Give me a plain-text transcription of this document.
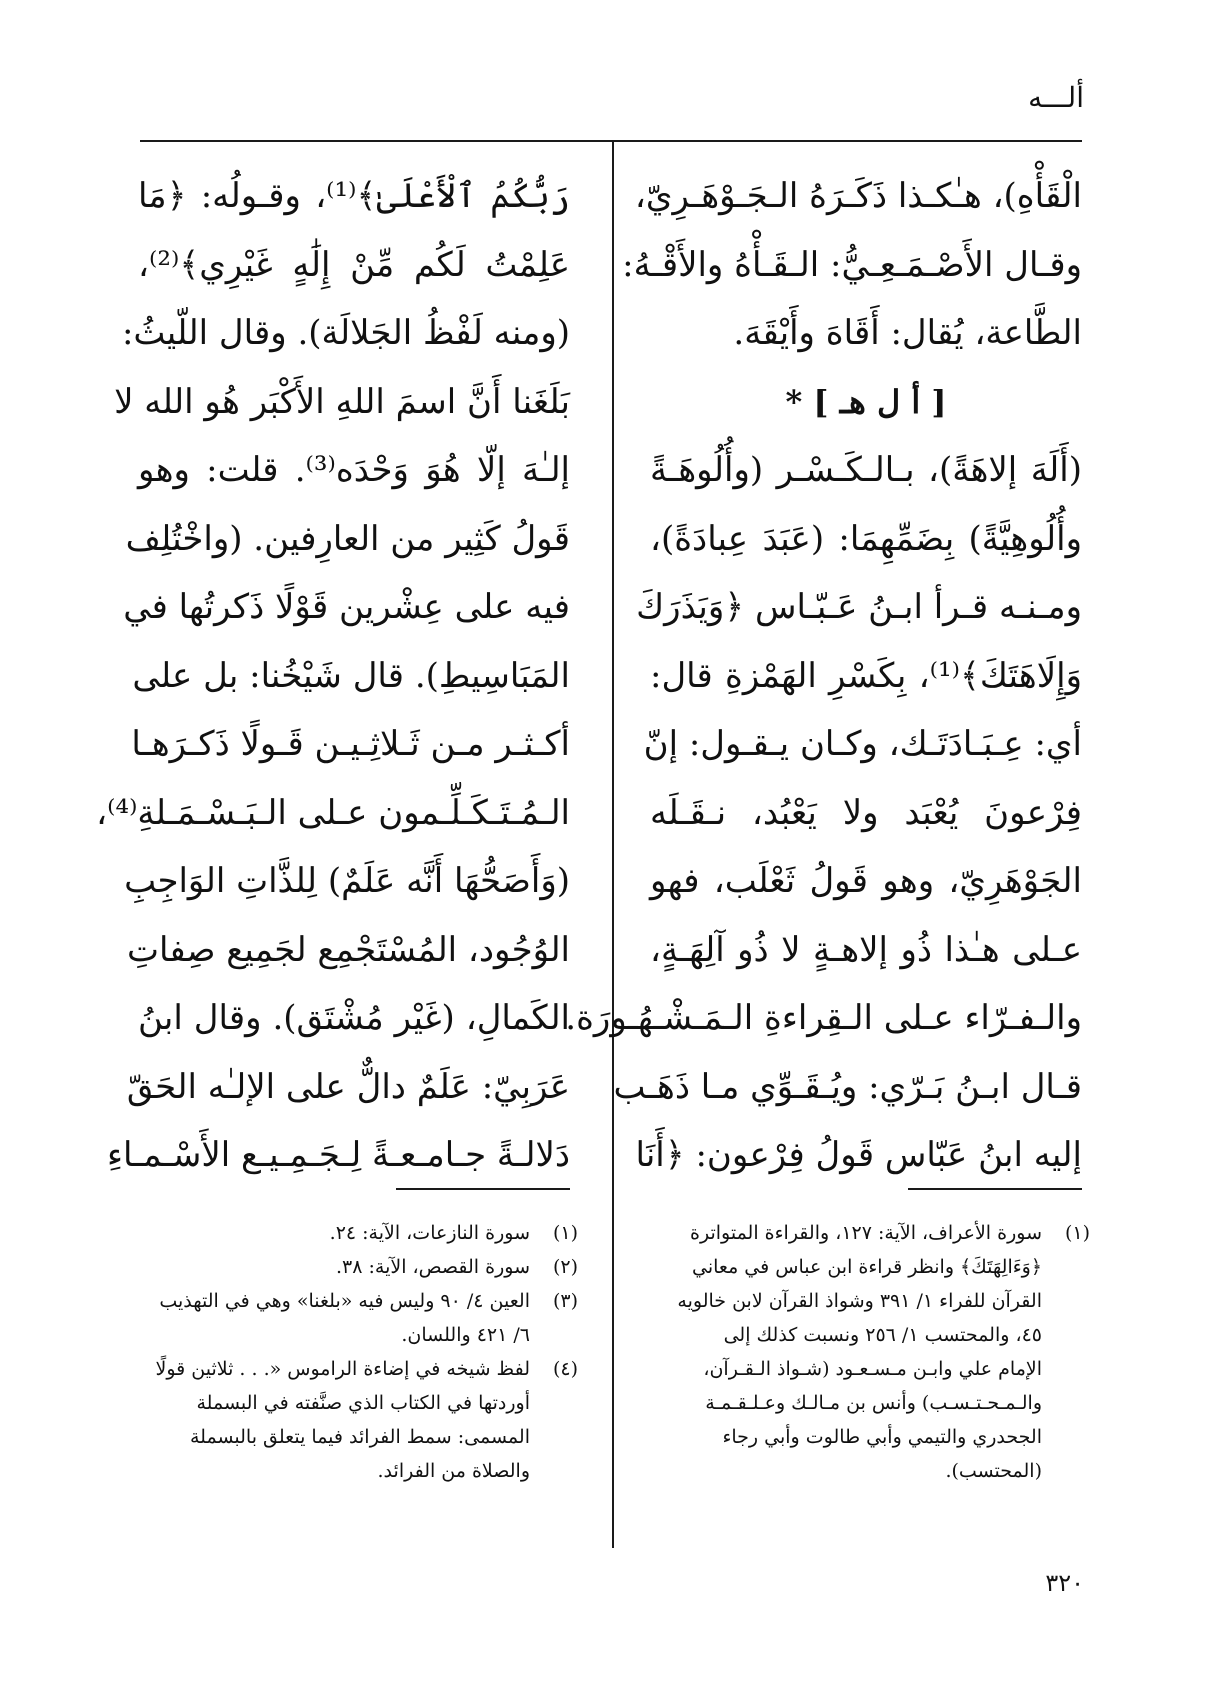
ألـــه
الْقَأْهِ)، هـٰكـذا ذَكَـرَهُ الـجَـوْهَـرِيّ،
وقـال الأَصْـمَـعِـيُّ: الـقَـأْهُ والأَقْـهُ:
الطَّاعة، يُقال: أَقَاهَ وأَيْقَهَ.
[ أ ل هـ ] *
(أَلَهَ إلاهَةً)، بـالـكَـسْـر (وأُلُوهَـةً
وأُلُوهِيَّةً) بِضَمِّهِمَا: (عَبَدَ عِبادَةً)،
ومـنـه قـرأ ابـنُ عَـبّـاس ﴿وَيَذَرَكَ
وَإِلَاهَتَكَ﴾⁽¹⁾، بِكَسْرِ الهَمْزةِ قال:
أي: عِـبَـادَتَـك، وكـان يـقـول: إنّ
فِرْعونَ يُعْبَد ولا يَعْبُد، نـقَـلَه
الجَوْهَرِيّ، وهو قَولُ ثَعْلَب، فهو
عـلى هـٰذا ذُو إلاهـةٍ لا ذُو آلِهَـةٍ،
والـفـرّاء عـلى الـقِراءةِ الـمَـشْـهُـورَة.
قـال ابـنُ بَـرّي: ويُـقَـوِّي مـا ذَهَـب
إليه ابنُ عَبّاس قَولُ فِرْعون: ﴿أَنَا
رَبُّكُمُ ٱلْأَعْلَىٰ﴾⁽¹⁾، وقـولُه: ﴿مَا
عَلِمْتُ لَكُم مِّنْ إِلَٰهٍ غَيْرِي﴾⁽²⁾،
(ومنه لَفْظُ الجَلالَة). وقال اللّيثُ:
بَلَغَنا أَنَّ اسمَ اللهِ الأَكْبَر هُو الله لا
إلـٰهَ إلّا هُوَ وَحْدَه⁽³⁾. قلت: وهو
قَولُ كَثِير من العارِفين. (واخْتُلِف
فيه على عِشْرين قَوْلًا ذَكرتُها في
المَبَاسِيطِ). قال شَيْخُنا: بل على
أكـثـر مـن ثَـلاثِـيـن قَـولًا ذَكـرَهـا
الـمُـتَـكَـلِّـمون عـلى الـبَـسْـمَـلةِ⁽⁴⁾،
(وَأَصَحُّهَا أَنَّه عَلَمٌ) لِلذَّاتِ الوَاجِبِ
الوُجُود، المُسْتَجْمِع لجَمِيع صِفاتِ
الكَمالِ، (غَيْر مُشْتَق). وقال ابنُ
عَرَبِيّ: عَلَمٌ دالٌّ على الإلـٰه الحَقّ
دَلالـةً جـامـعـةً لِـجَـمِـيـع الأَسْـمـاءِ
(١)
سورة الأعراف، الآية: ١٢٧، والقراءة المتواترة
﴿وَءَالِهَتَكَ﴾ وانظر قراءة ابن عباس في معاني
القرآن للفراء ١/ ٣٩١ وشواذ القرآن لابن خالويه
٤٥، والمحتسب ١/ ٢٥٦ ونسبت كذلك إلى
الإمام علي وابـن مـسـعـود (شـواذ الـقـرآن،
والـمـحـتـسـب) وأنس بن مـالـك وعـلـقـمـة
الجحدري والتيمي وأبي طالوت وأبي رجاء
(المحتسب).
(١)
سورة النازعات، الآية: ٢٤.
(٢)
سورة القصص، الآية: ٣٨.
(٣)
العين ٤/ ٩٠ وليس فيه «بلغنا» وهي في التهذيب
٦/ ٤٢١ واللسان.
(٤)
لفظ شيخه في إضاءة الراموس «. . . ثلاثين قولًا
أوردتها في الكتاب الذي صنَّفته في البسملة
المسمى: سمط الفرائد فيما يتعلق بالبسملة
والصلاة من الفرائد.
٣٢٠
